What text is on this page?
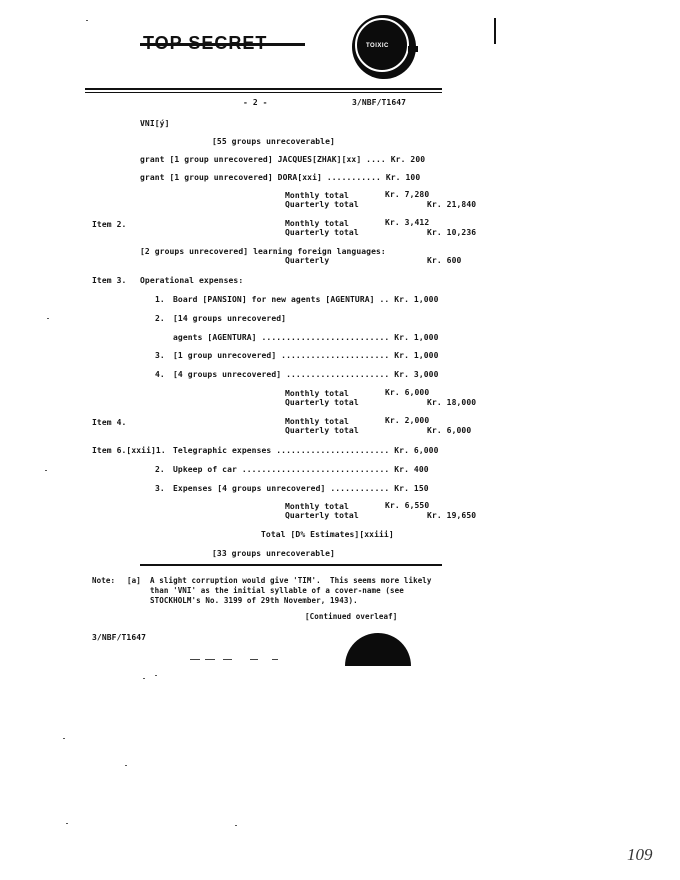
TOIXIC
- 2 -	3/NBF/T1647
VNI[ý]
[55 groups unrecoverable]
grant [1 group unrecovered] JACQUES[ZHAK][xx] .... Kr. 200
grant [1 group unrecovered] DORA[xxi] ........... Kr. 100
Monthly total	Kr. 7,280
Quarterly total	Kr. 21,840
Item 2.	Monthly total	Kr. 3,412
Quarterly total	Kr. 10,236
[2 groups unrecovered] learning foreign languages:
Quarterly	Kr. 600
Item 3. Operational expenses:
1. Board [PANSION] for new agents [AGENTURA] .. Kr. 1,000
2. [14 groups unrecovered]
agents [AGENTURA] .......................... Kr. 1,000
3. [1 group unrecovered] ...................... Kr. 1,000
4. [4 groups unrecovered] ..................... Kr. 3,000
Monthly total	Kr. 6,000
Quarterly total	Kr. 18,000
Item 4.	Monthly total	Kr. 2,000
Quarterly total	Kr. 6,000
Item 6.[xxii]1. Telegraphic expenses ....................... Kr. 6,000
2. Upkeep of car .............................. Kr. 400
3. Expenses [4 groups unrecovered] ............ Kr. 150
Monthly total	Kr. 6,550
Quarterly total	Kr. 19,650
Total [D% Estimates][xxiii]
[33 groups unrecoverable]
Note: [a] A slight corruption would give 'TIM'.  This seems more likely
than 'VNI' as the initial syllable of a cover-name (see
STOCKHOLM's No. 3199 of 29th November, 1943).
[Continued overleaf]
3/NBF/T1647
109
